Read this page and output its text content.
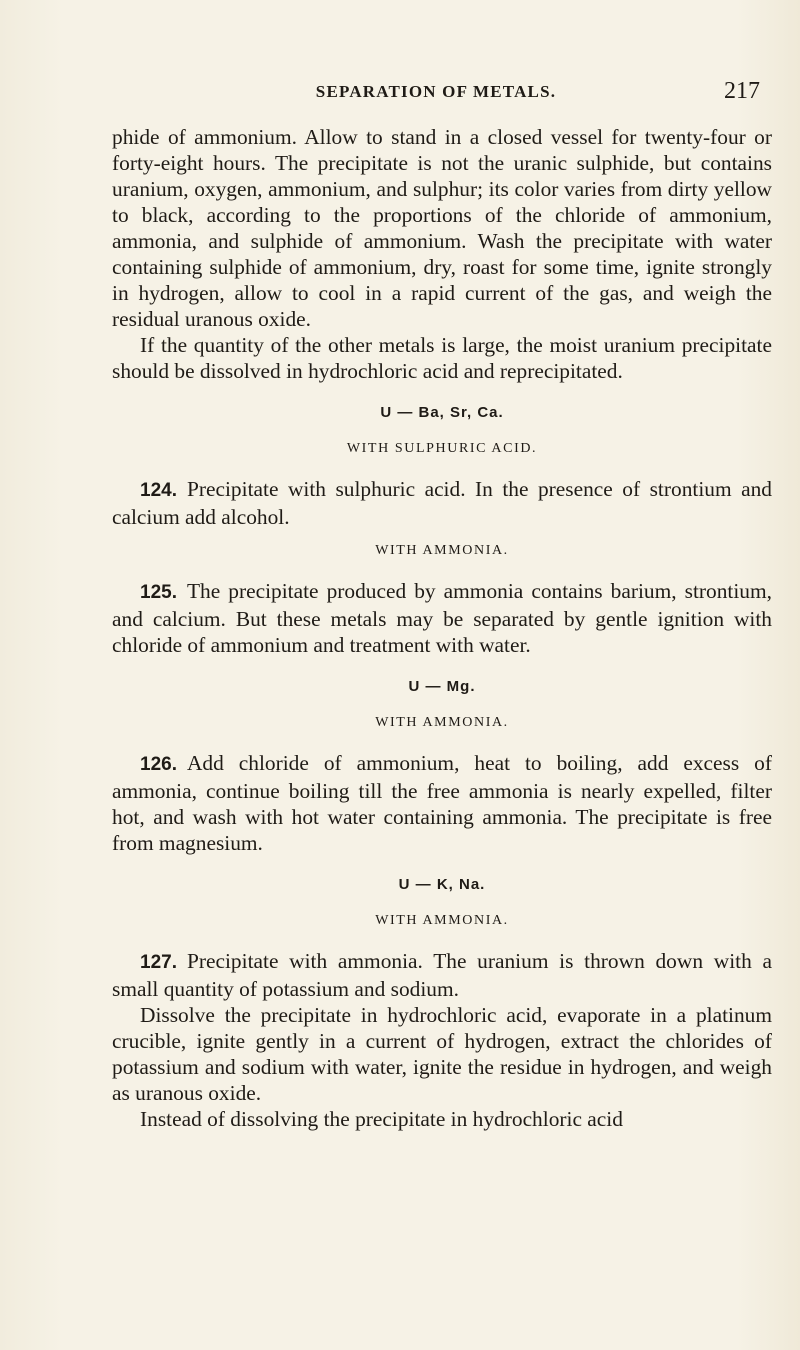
SEPARATION OF METALS.	217

phide of ammonium. Allow to stand in a closed vessel for twenty-four or forty-eight hours. The precipitate is not the uranic sulphide, but contains uranium, oxygen, ammonium, and sulphur; its color varies from dirty yellow to black, according to the proportions of the chloride of ammonium, ammonia, and sulphide of ammonium. Wash the precipitate with water containing sulphide of ammonium, dry, roast for some time, ignite strongly in hydrogen, allow to cool in a rapid current of the gas, and weigh the residual uranous oxide.

If the quantity of the other metals is large, the moist uranium precipitate should be dissolved in hydrochloric acid and reprecipitated.

U — Ba, Sr, Ca.
WITH SULPHURIC ACID.

124. Precipitate with sulphuric acid. In the presence of strontium and calcium add alcohol.

WITH AMMONIA.

125. The precipitate produced by ammonia contains barium, strontium, and calcium. But these metals may be separated by gentle ignition with chloride of ammonium and treatment with water.

U — Mg.
WITH AMMONIA.

126. Add chloride of ammonium, heat to boiling, add excess of ammonia, continue boiling till the free ammonia is nearly expelled, filter hot, and wash with hot water containing ammonia. The precipitate is free from magnesium.

U — K, Na.
WITH AMMONIA.

127. Precipitate with ammonia. The uranium is thrown down with a small quantity of potassium and sodium.

Dissolve the precipitate in hydrochloric acid, evaporate in a platinum crucible, ignite gently in a current of hydrogen, extract the chlorides of potassium and sodium with water, ignite the residue in hydrogen, and weigh as uranous oxide.

Instead of dissolving the precipitate in hydrochloric acid
